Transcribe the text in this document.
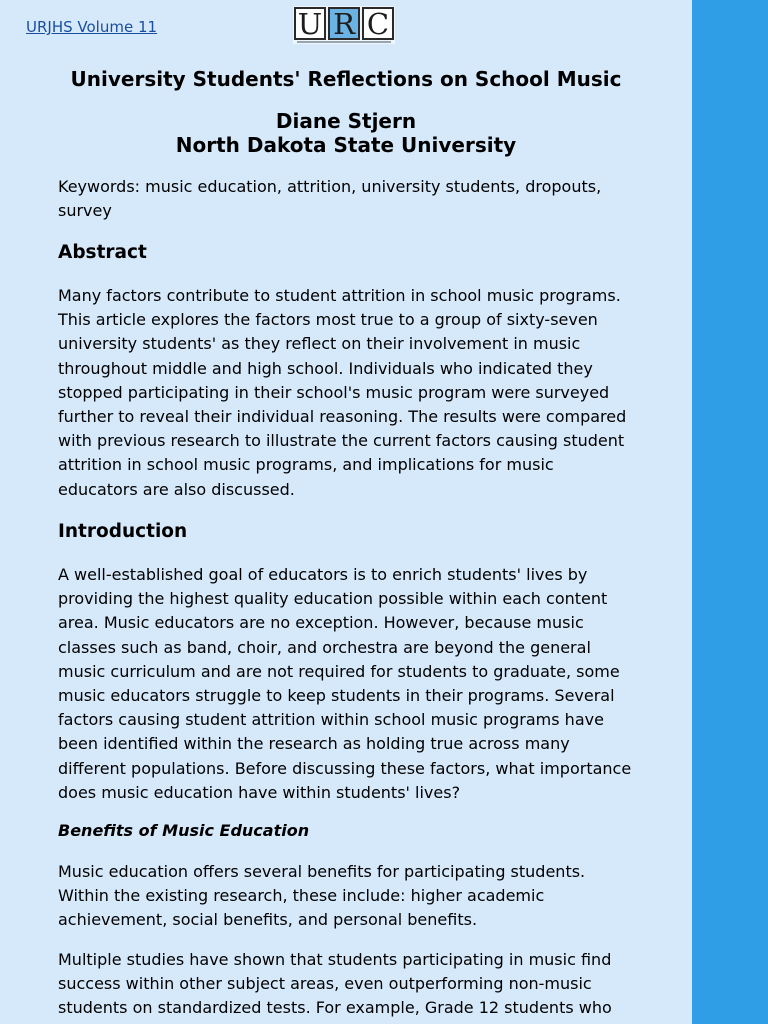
URJHS Volume 11	U R C
University Students' Reflections on School Music
Diane Stjern
North Dakota State University

Keywords: music education, attrition, university students, dropouts, survey

Abstract

Many factors contribute to student attrition in school music programs. This article explores the factors most true to a group of sixty-seven university students' as they reflect on their involvement in music throughout middle and high school. Individuals who indicated they stopped participating in their school's music program were surveyed further to reveal their individual reasoning. The results were compared with previous research to illustrate the current factors causing student attrition in school music programs, and implications for music educators are also discussed.

Introduction

A well-established goal of educators is to enrich students' lives by providing the highest quality education possible within each content area. Music educators are no exception. However, because music classes such as band, choir, and orchestra are beyond the general music curriculum and are not required for students to graduate, some music educators struggle to keep students in their programs. Several factors causing student attrition within school music programs have been identified within the research as holding true across many different populations. Before discussing these factors, what importance does music education have within students' lives?

Benefits of Music Education

Music education offers several benefits for participating students. Within the existing research, these include: higher academic achievement, social benefits, and personal benefits.

Multiple studies have shown that students participating in music find success within other subject areas, even outperforming non-music students on standardized tests. For example, Grade 12 students who
